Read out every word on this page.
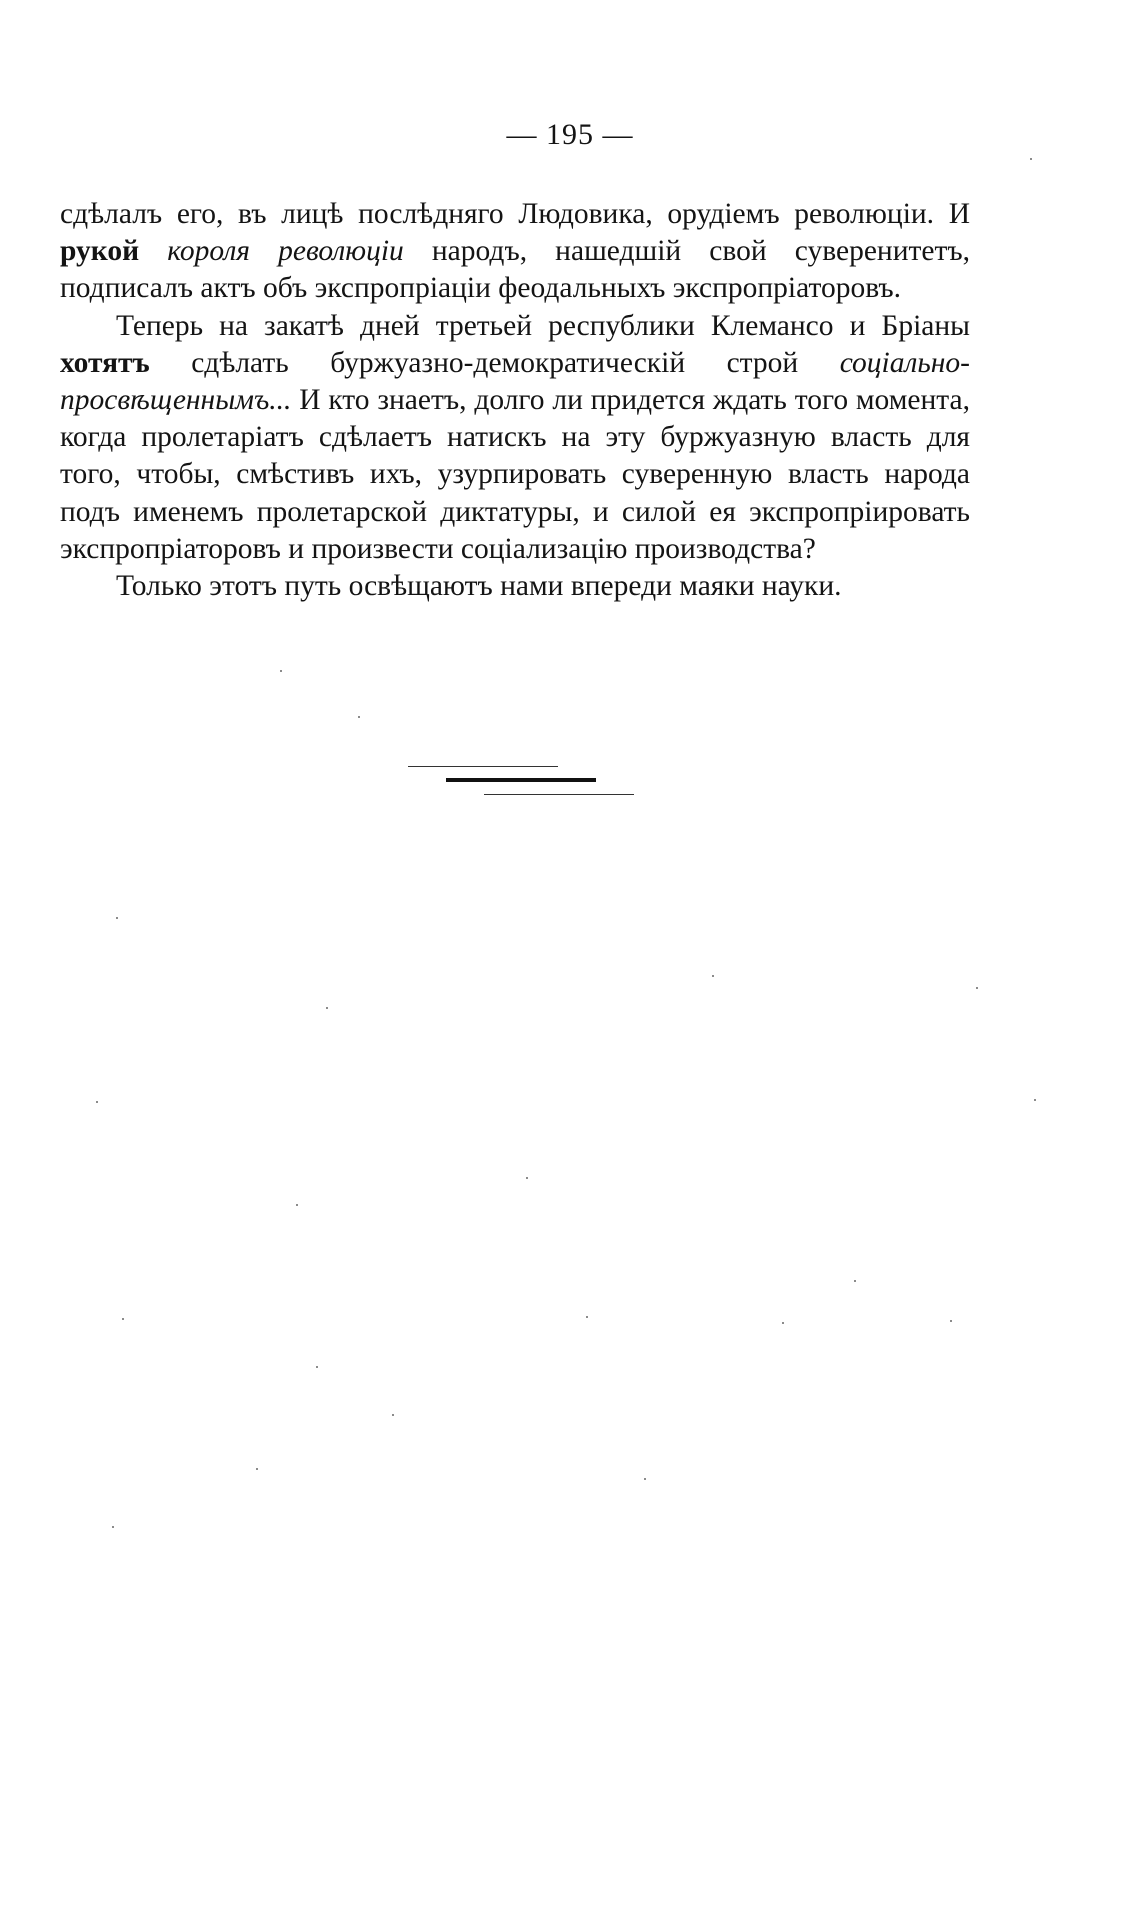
— 195 —

сдѣлалъ его, въ лицѣ послѣдняго Людовика, орудіемъ революціи. И рукой короля революціи народъ, нашедшій свой суверенитетъ, подписалъ актъ объ экспропріаціи феодальныхъ экспропріаторовъ.

Теперь на закатѣ дней третьей республики Клемансо и Бріаны хотятъ сдѣлать буржуазно-демократическій строй соціально-просвѣщеннымъ... И кто знаетъ, долго ли придется ждать того момента, когда пролетаріатъ сдѣлаетъ натискъ на эту буржуазную власть для того, чтобы, смѣстивъ ихъ, узурпировать суверенную власть народа подъ именемъ пролетарской диктатуры, и силой ея экспропріировать экспропріаторовъ и произвести соціализацію производства?

Только этотъ путь освѣщаютъ нами впереди маяки науки.
